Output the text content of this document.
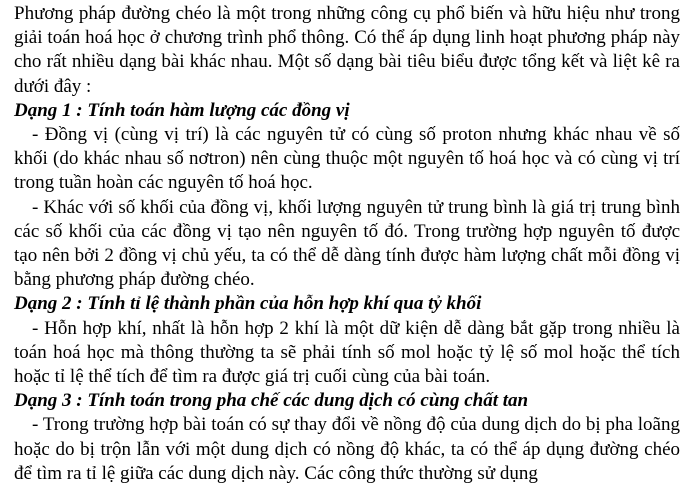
Phương pháp đường chéo là một trong những công cụ phổ biến và hữu hiệu như trong giải toán hoá học ở chương trình phổ thông. Có thể áp dụng linh hoạt phương pháp này cho rất nhiều dạng bài khác nhau. Một số dạng bài tiêu biểu được tổng kết và liệt kê ra dưới đây :

Dạng 1 : Tính toán hàm lượng các đồng vị

- Đồng vị (cùng vị trí) là các nguyên tử có cùng số proton nhưng khác nhau về số khối (do khác nhau số nơtron) nên cùng thuộc một nguyên tố hoá học và có cùng vị trí trong tuần hoàn các nguyên tố hoá học.

- Khác với số khối của đồng vị, khối lượng nguyên tử trung bình là giá trị trung bình các số khối của các đồng vị tạo nên nguyên tố đó. Trong trường hợp nguyên tố được tạo nên bởi 2 đồng vị chủ yếu, ta có thể dễ dàng tính được hàm lượng chất mỗi đồng vị bằng phương pháp đường chéo.

Dạng 2 : Tính tỉ lệ thành phần của hỗn hợp khí qua tỷ khối

- Hỗn hợp khí, nhất là hỗn hợp 2 khí là một dữ kiện dễ dàng bắt gặp trong nhiều là toán hoá học mà thông thường ta sẽ phải tính số mol hoặc tỷ lệ số mol hoặc thể tích hoặc tỉ lệ thể tích để tìm ra được giá trị cuối cùng của bài toán.

Dạng 3 : Tính toán trong pha chế các dung dịch có cùng chất tan

- Trong trường hợp bài toán có sự thay đổi về nồng độ của dung dịch do bị pha loãng hoặc do bị trộn lẫn với một dung dịch có nồng độ khác, ta có thể áp dụng đường chéo để tìm ra tỉ lệ giữa các dung dịch này. Các công thức thường sử dụng
